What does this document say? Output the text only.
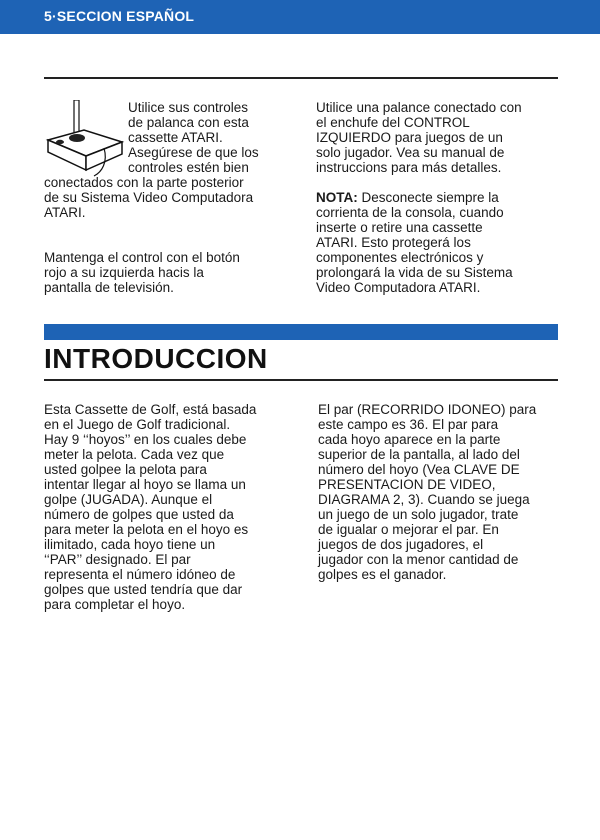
5·SECCION ESPAÑOL

Utilice sus controles

de palanca con esta

cassette ATARI.

Asegúrese de que los

controles estén bien

conectados con la parte posterior

de su Sistema Video Computadora

ATARI.

Mantenga el control con el botón

rojo a su izquierda hacis la

pantalla de televisión.

Utilice una palance conectado con

el enchufe del CONTROL

IZQUIERDO para juegos de un

solo jugador. Vea su manual de

instruccions para más detalles.

NOTA: Desconecte siempre la

corrienta de la consola, cuando

inserte o retire una cassette

ATARI. Esto protegerá los

componentes electrónicos y

prolongará la vida de su Sistema

Video Computadora ATARI.

INTRODUCCION

Esta Cassette de Golf, está basada

en el Juego de Golf tradicional.

Hay 9 ‘‘hoyos’’ en los cuales debe

meter la pelota. Cada vez que

usted golpee la pelota para

intentar llegar al hoyo se llama un

golpe (JUGADA). Aunque el

número de golpes que usted da

para meter la pelota en el hoyo es

ilimitado, cada hoyo tiene un

‘‘PAR’’ designado. El par

representa el número idóneo de

golpes que usted tendría que dar

para completar el hoyo.

El par (RECORRIDO IDONEO) para

este campo es 36. El par para

cada hoyo aparece en la parte

superior de la pantalla, al lado del

número del hoyo (Vea CLAVE DE

PRESENTACION DE VIDEO,

DIAGRAMA 2, 3). Cuando se juega

un juego de un solo jugador, trate

de igualar o mejorar el par. En

juegos de dos jugadores, el

jugador con la menor cantidad de

golpes es el ganador.
